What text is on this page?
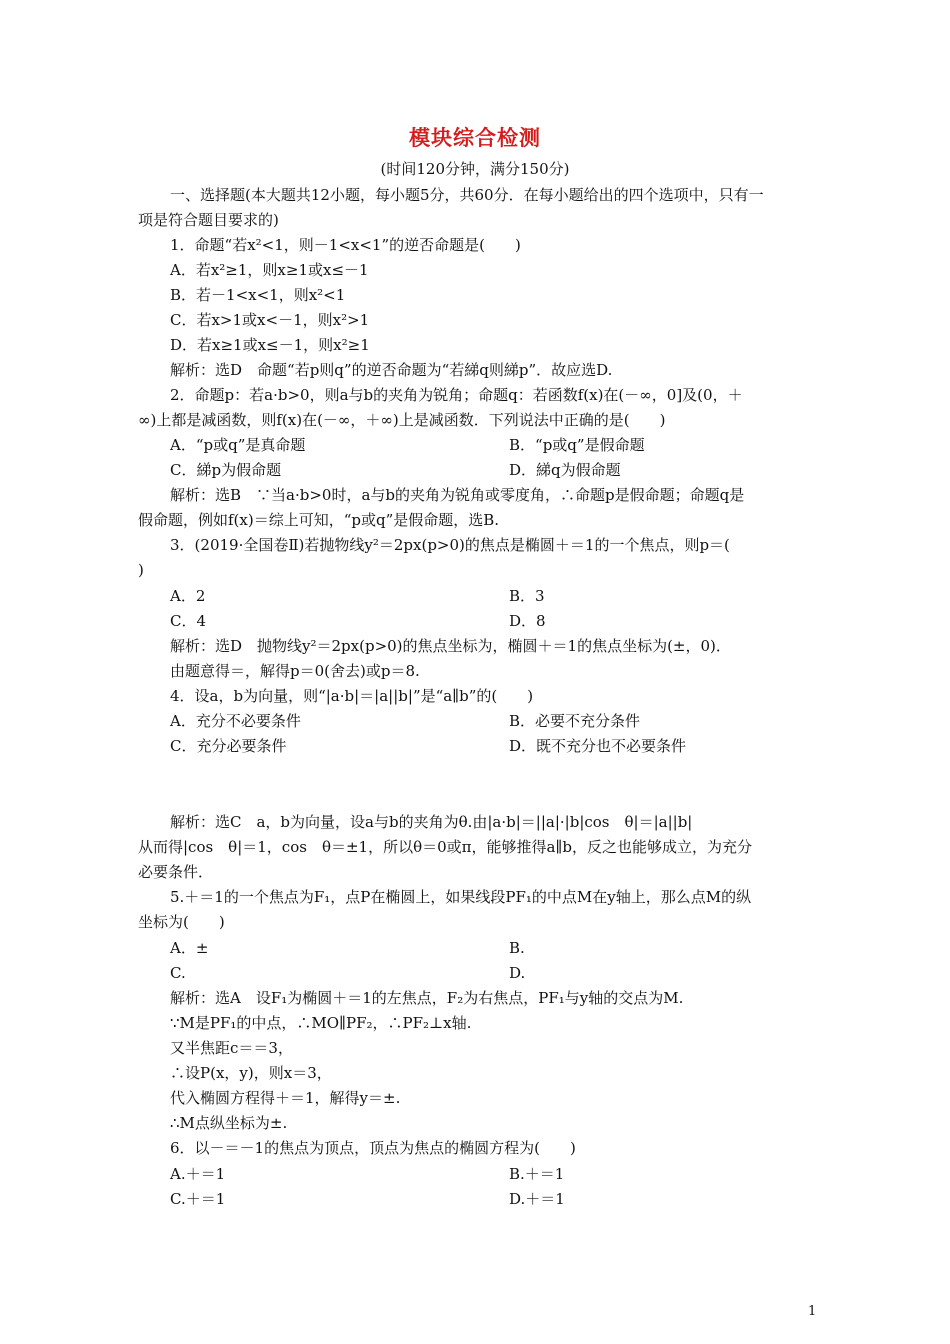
模块综合检测
(时间120分钟，满分150分)
一、选择题(本大题共12小题，每小题5分，共60分．在每小题给出的四个选项中，只有一
项是符合题目要求的)
1．命题“若x²<1，则－1<x<1”的逆否命题是(　　)
A．若x²≥1，则x≥1或x≤－1
B．若－1<x<1，则x²<1
C．若x>1或x<－1，则x²>1
D．若x≥1或x≤－1，则x²≥1
解析：选D　命题“若p则q”的逆否命题为“若綈q则綈p”．故应选D.
2．命题p：若a·b>0，则a与b的夹角为锐角；命题q：若函数f(x)在(－∞，0]及(0，＋
∞)上都是减函数，则f(x)在(－∞，＋∞)上是减函数．下列说法中正确的是(　　)
A．“p或q”是真命题	B．“p或q”是假命题
C．綈p为假命题	D．綈q为假命题
解析：选B　∵当a·b>0时，a与b的夹角为锐角或零度角，∴命题p是假命题；命题q是
假命题，例如f(x)＝综上可知，“p或q”是假命题，选B.
3．(2019·全国卷Ⅱ)若抛物线y²＝2px(p>0)的焦点是椭圆＋＝1的一个焦点，则p＝(
)
A．2	B．3
C．4	D．8
解析：选D　抛物线y²＝2px(p>0)的焦点坐标为，椭圆＋＝1的焦点坐标为(±，0)．
由题意得＝，解得p＝0(舍去)或p＝8.
4．设a，b为向量，则“|a·b|＝|a||b|”是“a∥b”的(　　)
A．充分不必要条件	B．必要不充分条件
C．充分必要条件	D．既不充分也不必要条件
解析：选C　a，b为向量，设a与b的夹角为θ.由|a·b|＝||a|·|b|cos　θ|＝|a||b|
从而得|cos　θ|＝1，cos　θ＝±1，所以θ＝0或π，能够推得a∥b，反之也能够成立，为充分
必要条件．
5.＋＝1的一个焦点为F₁，点P在椭圆上，如果线段PF₁的中点M在y轴上，那么点M的纵
坐标为(　　)
A．±	B.
C.	D.
解析：选A　设F₁为椭圆＋＝1的左焦点，F₂为右焦点，PF₁与y轴的交点为M.
∵M是PF₁的中点，∴MO∥PF₂，∴PF₂⊥x轴.
又半焦距c＝＝3，
∴设P(x，y)，则x＝3，
代入椭圆方程得＋＝1，解得y＝±.
∴M点纵坐标为±.
6．以－＝－1的焦点为顶点，顶点为焦点的椭圆方程为(　　)
A.＋＝1	B.＋＝1
C.＋＝1	D.＋＝1
1
